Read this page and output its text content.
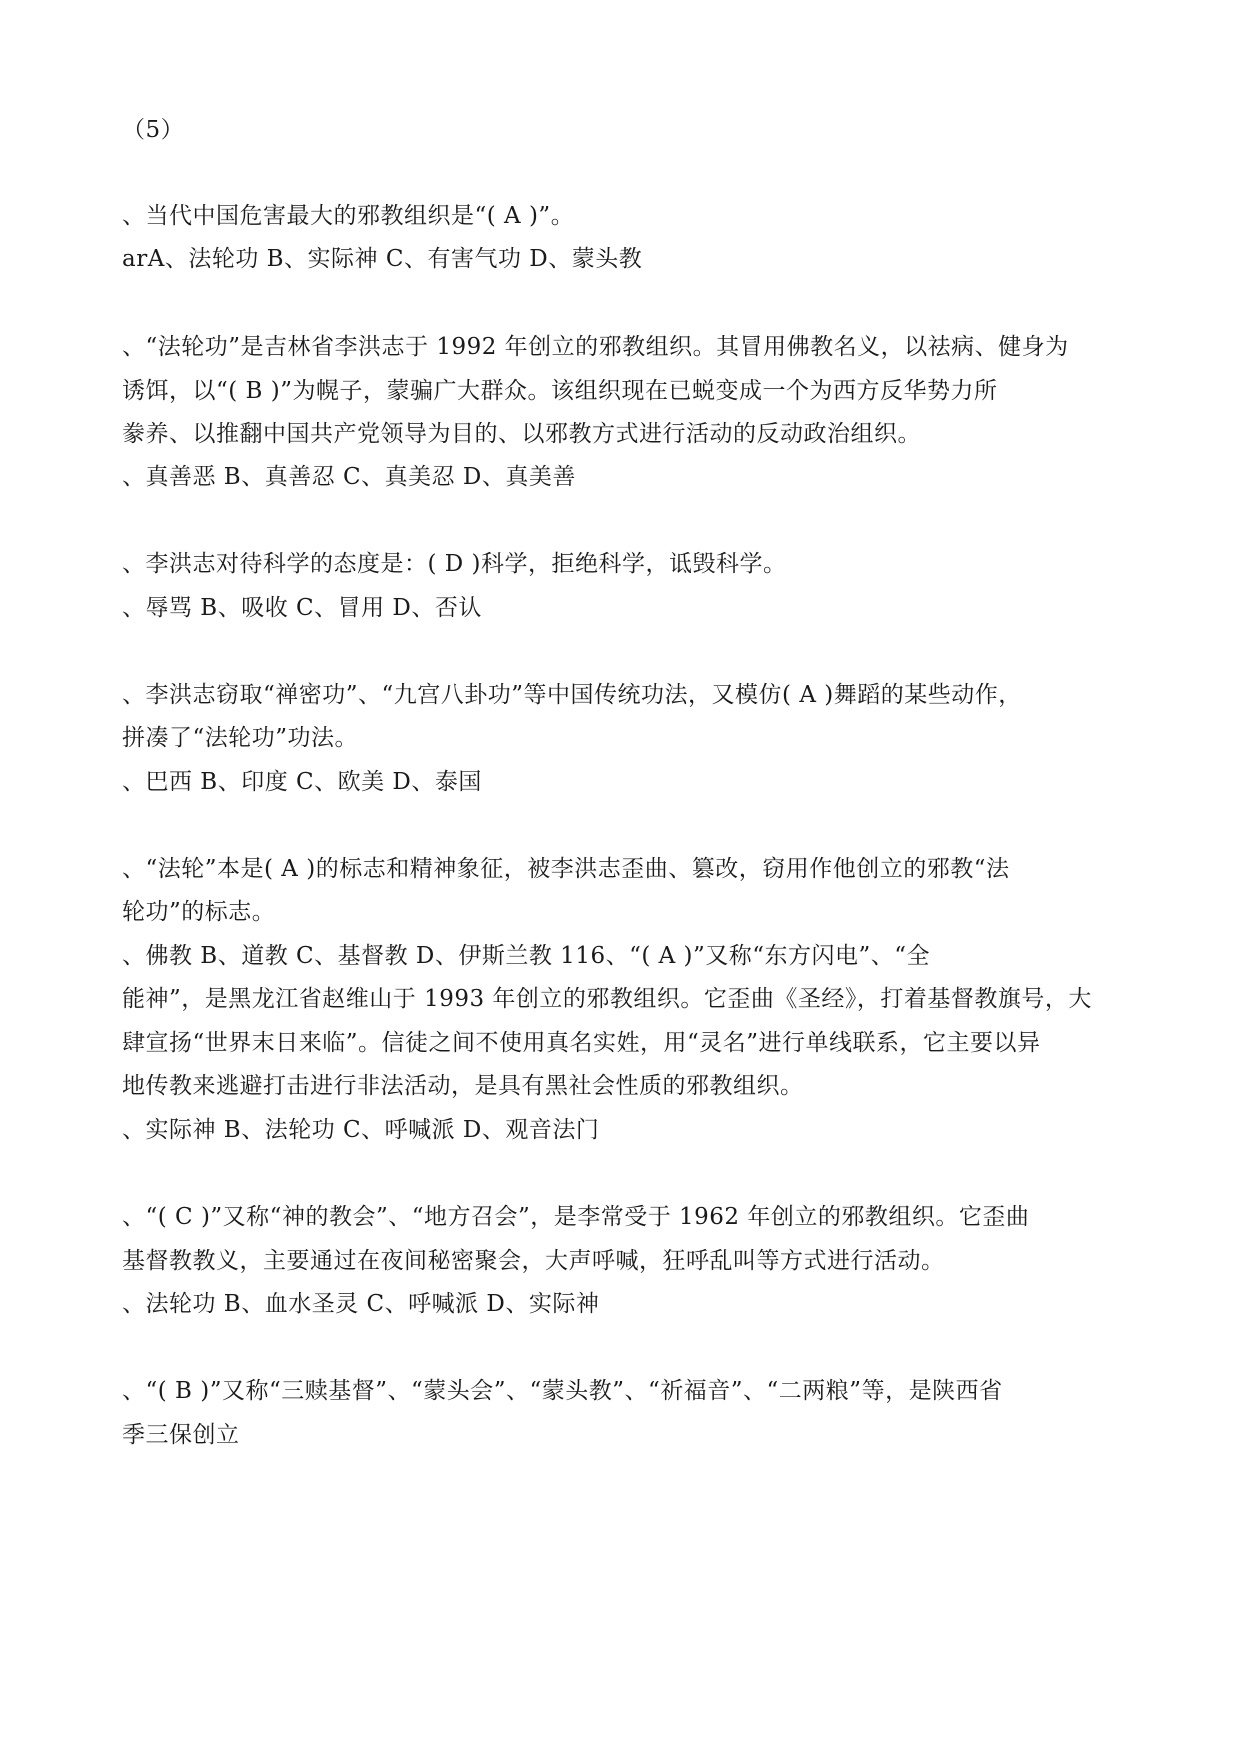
（5）
、当代中国危害最大的邪教组织是“( A )”。
arA、法轮功 B、实际神 C、有害气功 D、蒙头教
、“法轮功”是吉林省李洪志于 1992 年创立的邪教组织。其冒用佛教名义，以祛病、健身为
诱饵，以“( B )”为幌子，蒙骗广大群众。该组织现在已蜕变成一个为西方反华势力所
豢养、以推翻中国共产党领导为目的、以邪教方式进行活动的反动政治组织。
、真善恶 B、真善忍 C、真美忍 D、真美善
、李洪志对待科学的态度是：( D )科学，拒绝科学，诋毁科学。
、辱骂 B、吸收 C、冒用 D、否认
、李洪志窃取“禅密功”、“九宫八卦功”等中国传统功法，又模仿( A )舞蹈的某些动作，
拼凑了“法轮功”功法。
、巴西 B、印度 C、欧美 D、泰国
、“法轮”本是( A )的标志和精神象征，被李洪志歪曲、篡改，窃用作他创立的邪教“法
轮功”的标志。
、佛教 B、道教 C、基督教 D、伊斯兰教 116、“( A )”又称“东方闪电”、“全
能神”，是黑龙江省赵维山于 1993 年创立的邪教组织。它歪曲《圣经》，打着基督教旗号，大
肆宣扬“世界末日来临”。信徒之间不使用真名实姓，用“灵名”进行单线联系，它主要以异
地传教来逃避打击进行非法活动，是具有黑社会性质的邪教组织。
、实际神 B、法轮功 C、呼喊派 D、观音法门
、“( C )”又称“神的教会”、“地方召会”，是李常受于 1962 年创立的邪教组织。它歪曲
基督教教义，主要通过在夜间秘密聚会，大声呼喊，狂呼乱叫等方式进行活动。
、法轮功 B、血水圣灵 C、呼喊派 D、实际神
、“( B )”又称“三赎基督”、“蒙头会”、“蒙头教”、“祈福音”、“二两粮”等，是陕西省
季三保创立
